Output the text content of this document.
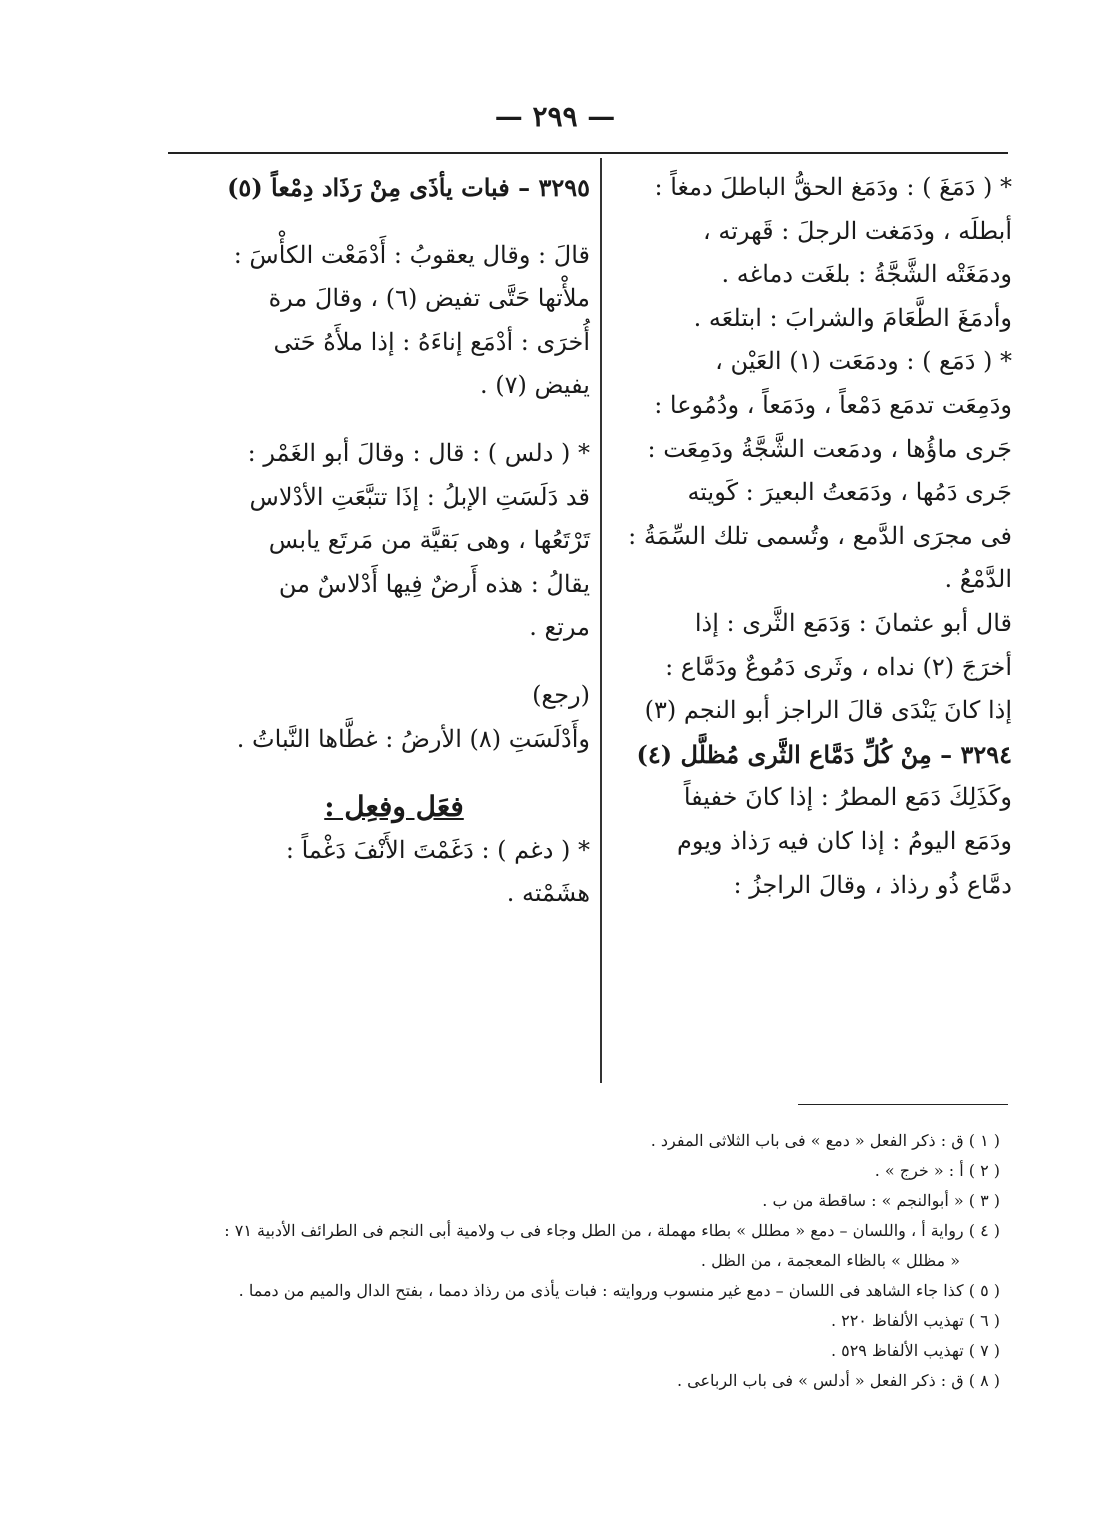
— ٢٩٩ —

* ( دَمَغَ ) : ودَمَغ الحقُّ الباطلَ دمغاً :

أبطلَه ، ودَمَغت الرجلَ : قَهرته ،

ودمَغَتْه الشَّجَّةُ : بلغَت دماغه .

وأدمَغَ الطَّعَامَ والشرابَ : ابتلعَه .

* ( دَمَع ) : ودمَعَت (١) العَيْن ،

ودَمِعَت تدمَع دَمْعاً ، ودَمَعاً ، ودُمُوعا :

جَرى ماؤُها ، ودمَعت الشَّجَّةُ ودَمِعَت :

جَرى دَمُها ، ودَمَعتُ البعيرَ : كَويته

فى مجرَى الدَّمع ، وتُسمى تلك السِّمَةُ :

الدَّمْعُ .

قال أبو عثمانَ : وَدَمَع الثَّرى : إذا

أخرَجَ (٢) نداه ، وثَرى دَمُوعٌ ودَمَّاع :

إذا كانَ يَنْدَى قالَ الراجز أبو النجم (٣)

٣٢٩٤ – مِنْ كُلِّ دَمَّاع الثَّرى مُظلَّل (٤)

وكَذَلِكَ دَمَع المطرُ : إذا كانَ خفيفاً

ودَمَع اليومُ : إذا كان فيه رَذاذ ويوم

دمَّاع ذُو رذاذ ، وقالَ الراجزُ :

٣٢٩٥ – فبات يأذَى مِنْ رَذَاد دِمْعاً (٥)

قالَ : وقال يعقوبُ : أَدْمَعْت الكأْسَ :

ملأْتها حَتَّى تفيض (٦) ، وقالَ مرة

أُخرَى : أدْمَع إناءَهُ : إذا ملأَهُ حَتى

يفيض (٧) .

* ( دلس ) : قال : وقالَ أبو الغَمْر :

قد دَلَسَتِ الإبلُ : إذَا تتبَّعَتِ الأدْلاس

تَرْتَعُها ، وهى بَقيَّة من مَرتَع يابس

يقالُ : هذه أَرضٌ فِيها أَدْلاسٌ من

مرتع .

(رجع)

وأَدْلَسَتِ (٨) الأرضُ : غطَّاها النَّباتُ .

فعَل وفعِل :

* ( دغم ) : دَغَمْتَ الأَنْفَ دَغْماً :

هشَمْته .

( ١ ) ق : ذكر الفعل « دمع » فى باب الثلاثى المفرد .

( ٢ ) أ : « خرج » .

( ٣ ) « أبوالنجم » : ساقطة من ب .

( ٤ ) رواية أ ، واللسان – دمع « مطلل » بطاء مهملة ، من الطل وجاء فى ب ولامية أبى النجم فى الطرائف الأدبية ٧١ :

« مظلل » بالظاء المعجمة ، من الظل .

( ٥ ) كذا جاء الشاهد فى اللسان – دمع غير منسوب وروايته : فبات يأذى من رذاذ دمما ، بفتح الدال والميم من دمما .

( ٦ ) تهذيب الألفاظ ٢٢٠ .

( ٧ ) تهذيب الألفاظ ٥٢٩ .

( ٨ ) ق : ذكر الفعل « أدلس » فى باب الرباعى .
